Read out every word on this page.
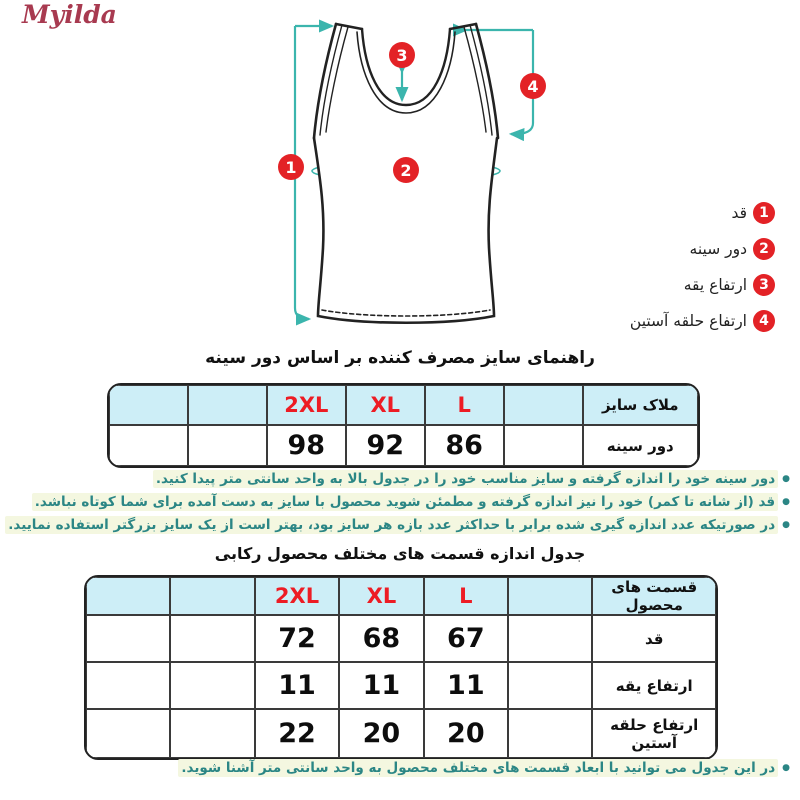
Myilda
1	2
3
4
1
قد
2
دور سینه
3
ارتفاع یقه
4
ارتفاع حلقه آستین
راهنمای سایز مصرف کننده بر اساس دور سینه
		2XL	XL	L		ملاک سایز
		98	92	86		دور سینه
●دور سینه خود را اندازه گرفته و سایز مناسب خود را در جدول بالا به واحد سانتی متر پیدا کنید.
●قد (از شانه تا کمر) خود را نیز اندازه گرفته و مطمئن شوید محصول با سایز به دست آمده برای شما کوتاه نباشد.
●در صورتیکه عدد اندازه گیری شده برابر با حداکثر عدد بازه هر سایز بود، بهتر است از یک سایز بزرگتر استفاده نمایید.
جدول اندازه قسمت های مختلف محصول رکابی
		2XL	XL	L		قسمت های محصول
		72	68	67		قد
		11	11	11		ارتفاع یقه
		22	20	20		ارتفاع حلقه آستین
●در این جدول می توانید با ابعاد قسمت های مختلف محصول به واحد سانتی متر آشنا شوید.
